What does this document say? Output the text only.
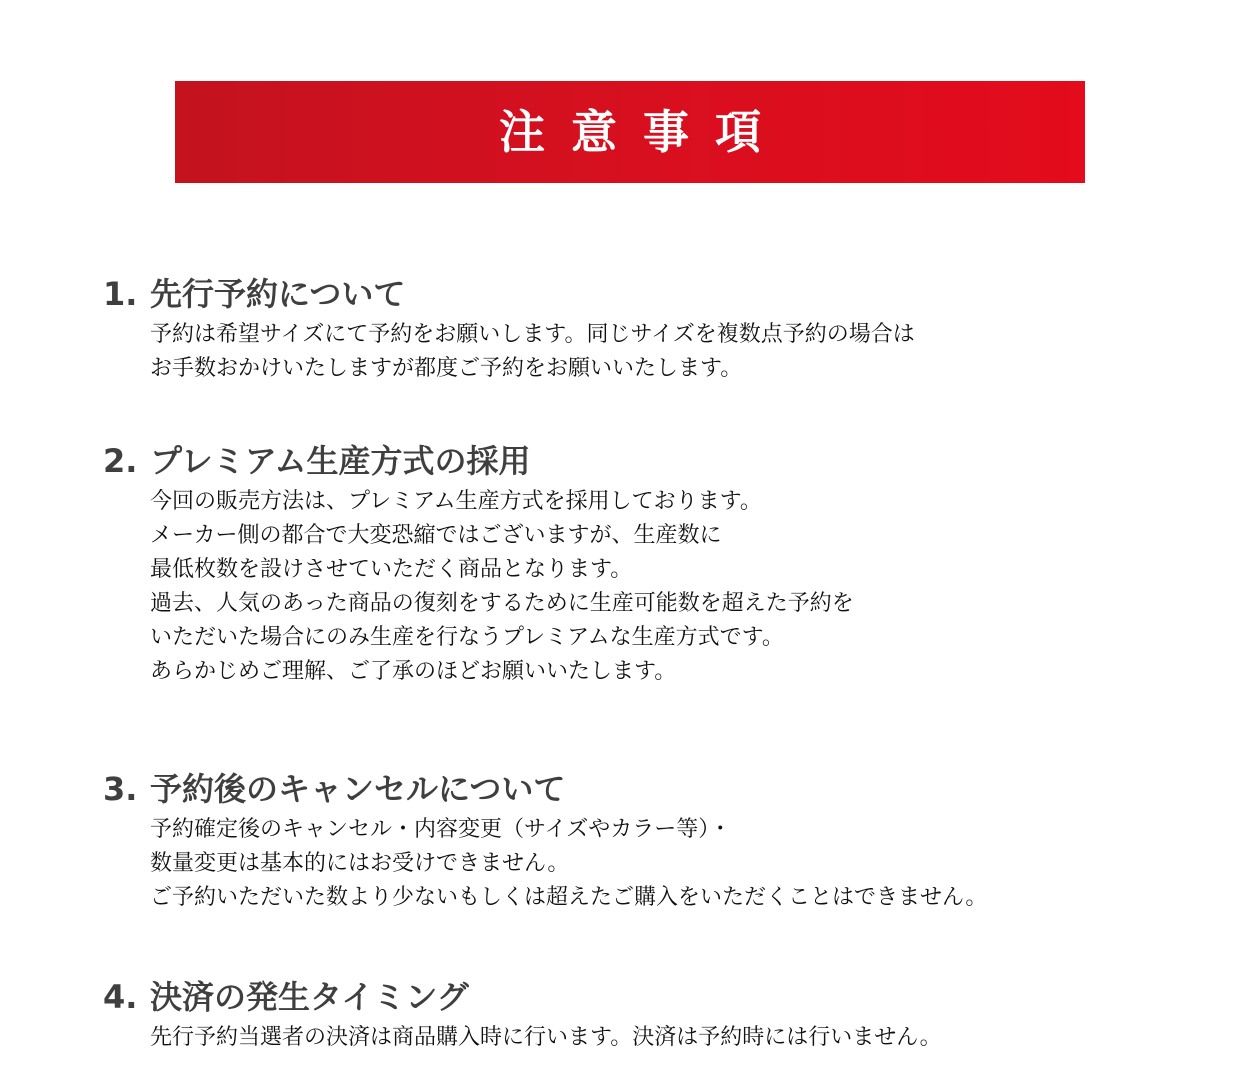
注意事項
1. 先行予約について
予約は希望サイズにて予約をお願いします。同じサイズを複数点予約の場合は
お手数おかけいたしますが都度ご予約をお願いいたします。
2. プレミアム生産方式の採用
今回の販売方法は、プレミアム生産方式を採用しております。
メーカー側の都合で大変恐縮ではございますが、生産数に
最低枚数を設けさせていただく商品となります。
過去、人気のあった商品の復刻をするために生産可能数を超えた予約を
いただいた場合にのみ生産を行なうプレミアムな生産方式です。
あらかじめご理解、ご了承のほどお願いいたします。
3. 予約後のキャンセルについて
予約確定後のキャンセル・内容変更（サイズやカラー等）・
数量変更は基本的にはお受けできません。
ご予約いただいた数より少ないもしくは超えたご購入をいただくことはできません。
4. 決済の発生タイミング
先行予約当選者の決済は商品購入時に行います。決済は予約時には行いません。
